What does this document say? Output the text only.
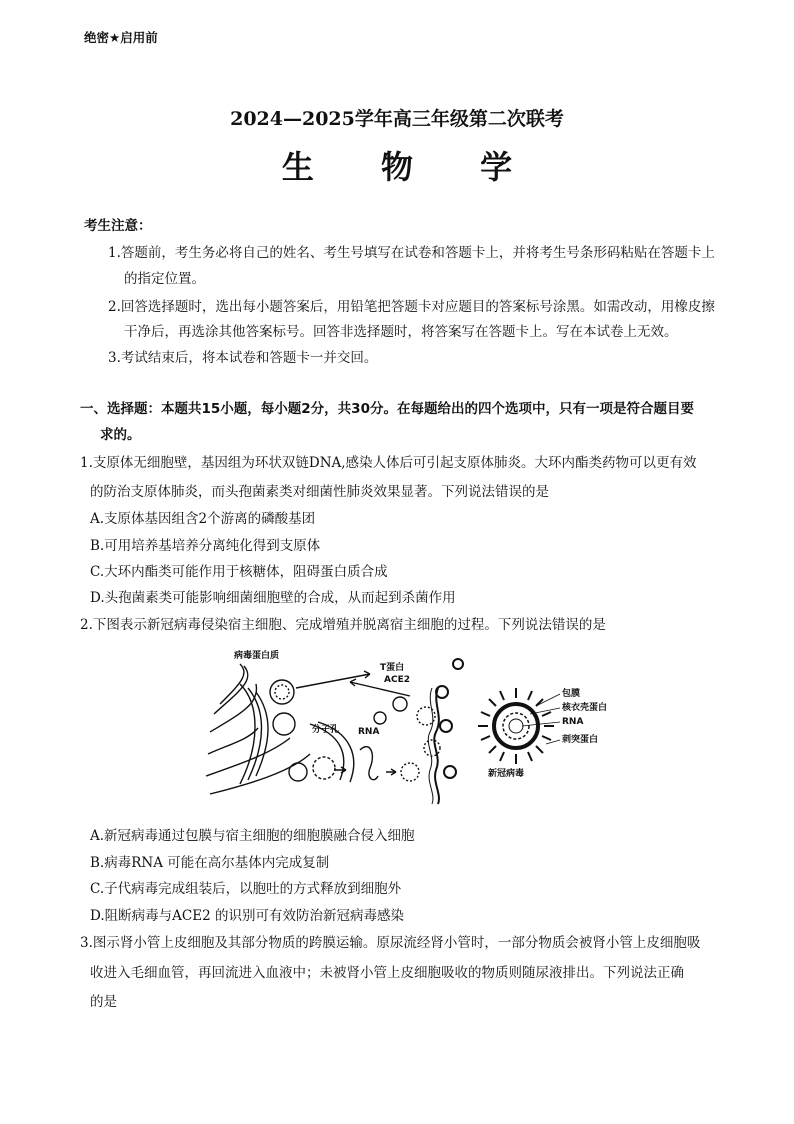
绝密★启用前
2024—2025学年高三年级第二次联考
生 物 学
考生注意：
1.答题前，考生务必将自己的姓名、考生号填写在试卷和答题卡上，并将考生号条形码粘贴在答题卡上
的指定位置。
2.回答选择题时，选出每小题答案后，用铅笔把答题卡对应题目的答案标号涂黑。如需改动，用橡皮擦
干净后，再选涂其他答案标号。回答非选择题时，将答案写在答题卡上。写在本试卷上无效。
3.考试结束后，将本试卷和答题卡一并交回。
一、选择题：本题共15小题，每小题2分，共30分。在每题给出的四个选项中，只有一项是符合题目要
求的。
1.支原体无细胞壁，基因组为环状双链DNA,感染人体后可引起支原体肺炎。大环内酯类药物可以更有效
的防治支原体肺炎，而头孢菌素类对细菌性肺炎效果显著。下列说法错误的是
A.支原体基因组含2个游离的磷酸基团
B.可用培养基培养分离纯化得到支原体
C.大环内酯类可能作用于核糖体，阻碍蛋白质合成
D.头孢菌素类可能影响细菌细胞壁的合成，从而起到杀菌作用
2.下图表示新冠病毒侵染宿主细胞、完成增殖并脱离宿主细胞的过程。下列说法错误的是
病毒蛋白质
T蛋白
ACE2
RNA
分子孔
包膜
核衣壳蛋白
RNA
刺突蛋白
新冠病毒
A.新冠病毒通过包膜与宿主细胞的细胞膜融合侵入细胞
B.病毒RNA 可能在高尔基体内完成复制
C.子代病毒完成组装后，以胞吐的方式释放到细胞外
D.阻断病毒与ACE2 的识别可有效防治新冠病毒感染
3.图示肾小管上皮细胞及其部分物质的跨膜运输。原尿流经肾小管时，一部分物质会被肾小管上皮细胞吸
收进入毛细血管，再回流进入血液中；未被肾小管上皮细胞吸收的物质则随尿液排出。下列说法正确
的是
